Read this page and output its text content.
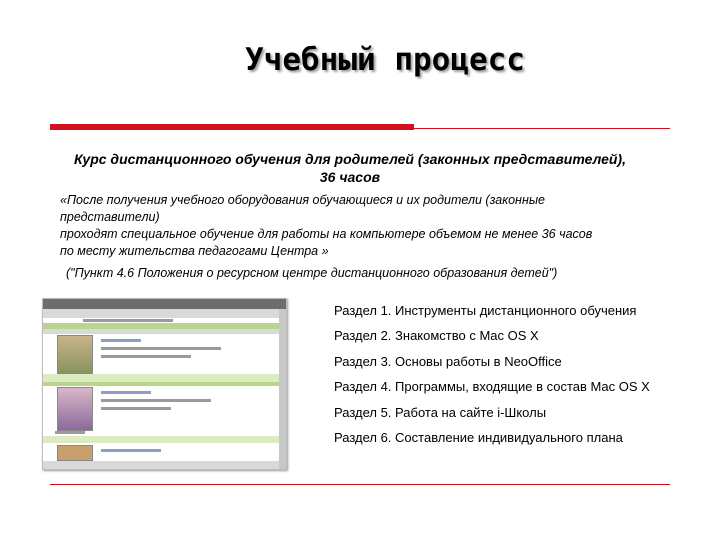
Учебный процесс
Курс дистанционного обучения для родителей (законных представителей),
36 часов
«После получения учебного оборудования обучающиеся и их родители (законные
представители)
проходят специальное обучение для работы на компьютере объемом не менее 36 часов
по месту жительства педагогами Центра »
("Пункт 4.6 Положения о ресурсном центре дистанционного образования детей")
Раздел 1. Инструменты дистанционного обучения
Раздел 2. Знакомство с Mac OS X
Раздел 3. Основы работы в NeoOffice
Раздел 4. Программы, входящие в состав Mac OS X
Раздел 5. Работа на сайте i-Школы
Раздел 6. Составление индивидуального плана
